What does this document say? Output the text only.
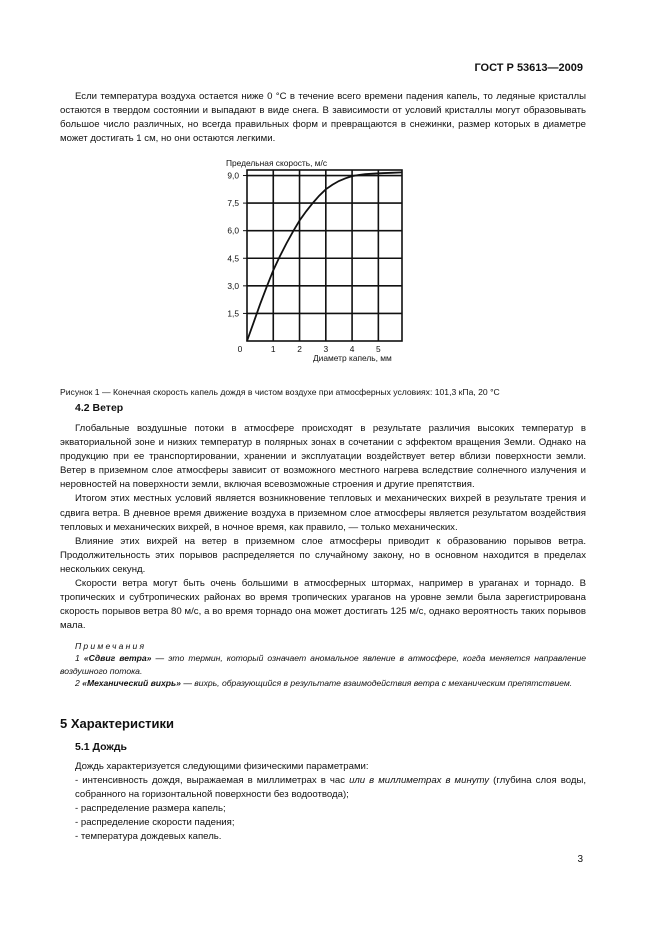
ГОСТ Р 53613—2009
Если температура воздуха остается ниже 0 °С в течение всего времени падения капель, то ледяные кристаллы остаются в твердом состоянии и выпадают в виде снега. В зависимости от условий кристаллы могут образовывать большое число различных, но всегда правильных форм и превращаются в снежинки, размер которых в диаметре может достигать 1 см, но они остаются легкими.
0	1	2	3	4	5
1,5
3,0
4,5
6,0
7,5
9,0
Предельная скорость, м/с
Диаметр капель, мм
Рисунок 1 — Конечная скорость капель дождя в чистом воздухе при атмосферных условиях: 101,3 кПа, 20 °С
4.2 Ветер
Глобальные воздушные потоки в атмосфере происходят в результате различия высоких температур в экваториальной зоне и низких температур в полярных зонах в сочетании с эффектом вращения Земли. Однако на продукцию при ее транспортировании, хранении и эксплуатации воздействует ветер вблизи поверхности земли. Ветер в приземном слое атмосферы зависит от возможного местного нагрева вследствие солнечного излучения и неровностей на поверхности земли, включая всевозможные строения и другие препятствия.
Итогом этих местных условий является возникновение тепловых и механических вихрей в результате трения и сдвига ветра. В дневное время движение воздуха в приземном слое атмосферы является результатом воздействия тепловых и механических вихрей, в ночное время, как правило, — только механических.
Влияние этих вихрей на ветер в приземном слое атмосферы приводит к образованию порывов ветра. Продолжительность этих порывов распределяется по случайному закону, но в основном находится в пределах нескольких секунд.
Скорости ветра могут быть очень большими в атмосферных штормах, например в ураганах и торнадо. В тропических и субтропических районах во время тропических ураганов на уровне земли была зарегистрирована скорость порывов ветра 80 м/с, а во время торнадо она может достигать 125 м/с, однако вероятность таких порывов мала.
Примечания
1 «Сдвиг ветра» — это термин, который означает аномальное явление в атмосфере, когда меняется направление воздушного потока.
2 «Механический вихрь» — вихрь, образующийся в результате взаимодействия ветра с механическим препятствием.
5 Характеристики
5.1 Дождь
Дождь характеризуется следующими физическими параметрами:
- интенсивность дождя, выражаемая в миллиметрах в час или в миллиметрах в минуту (глубина слоя воды, собранного на горизонтальной поверхности без водоотвода);
- распределение размера капель;
- распределение скорости падения;
- температура дождевых капель.
3
